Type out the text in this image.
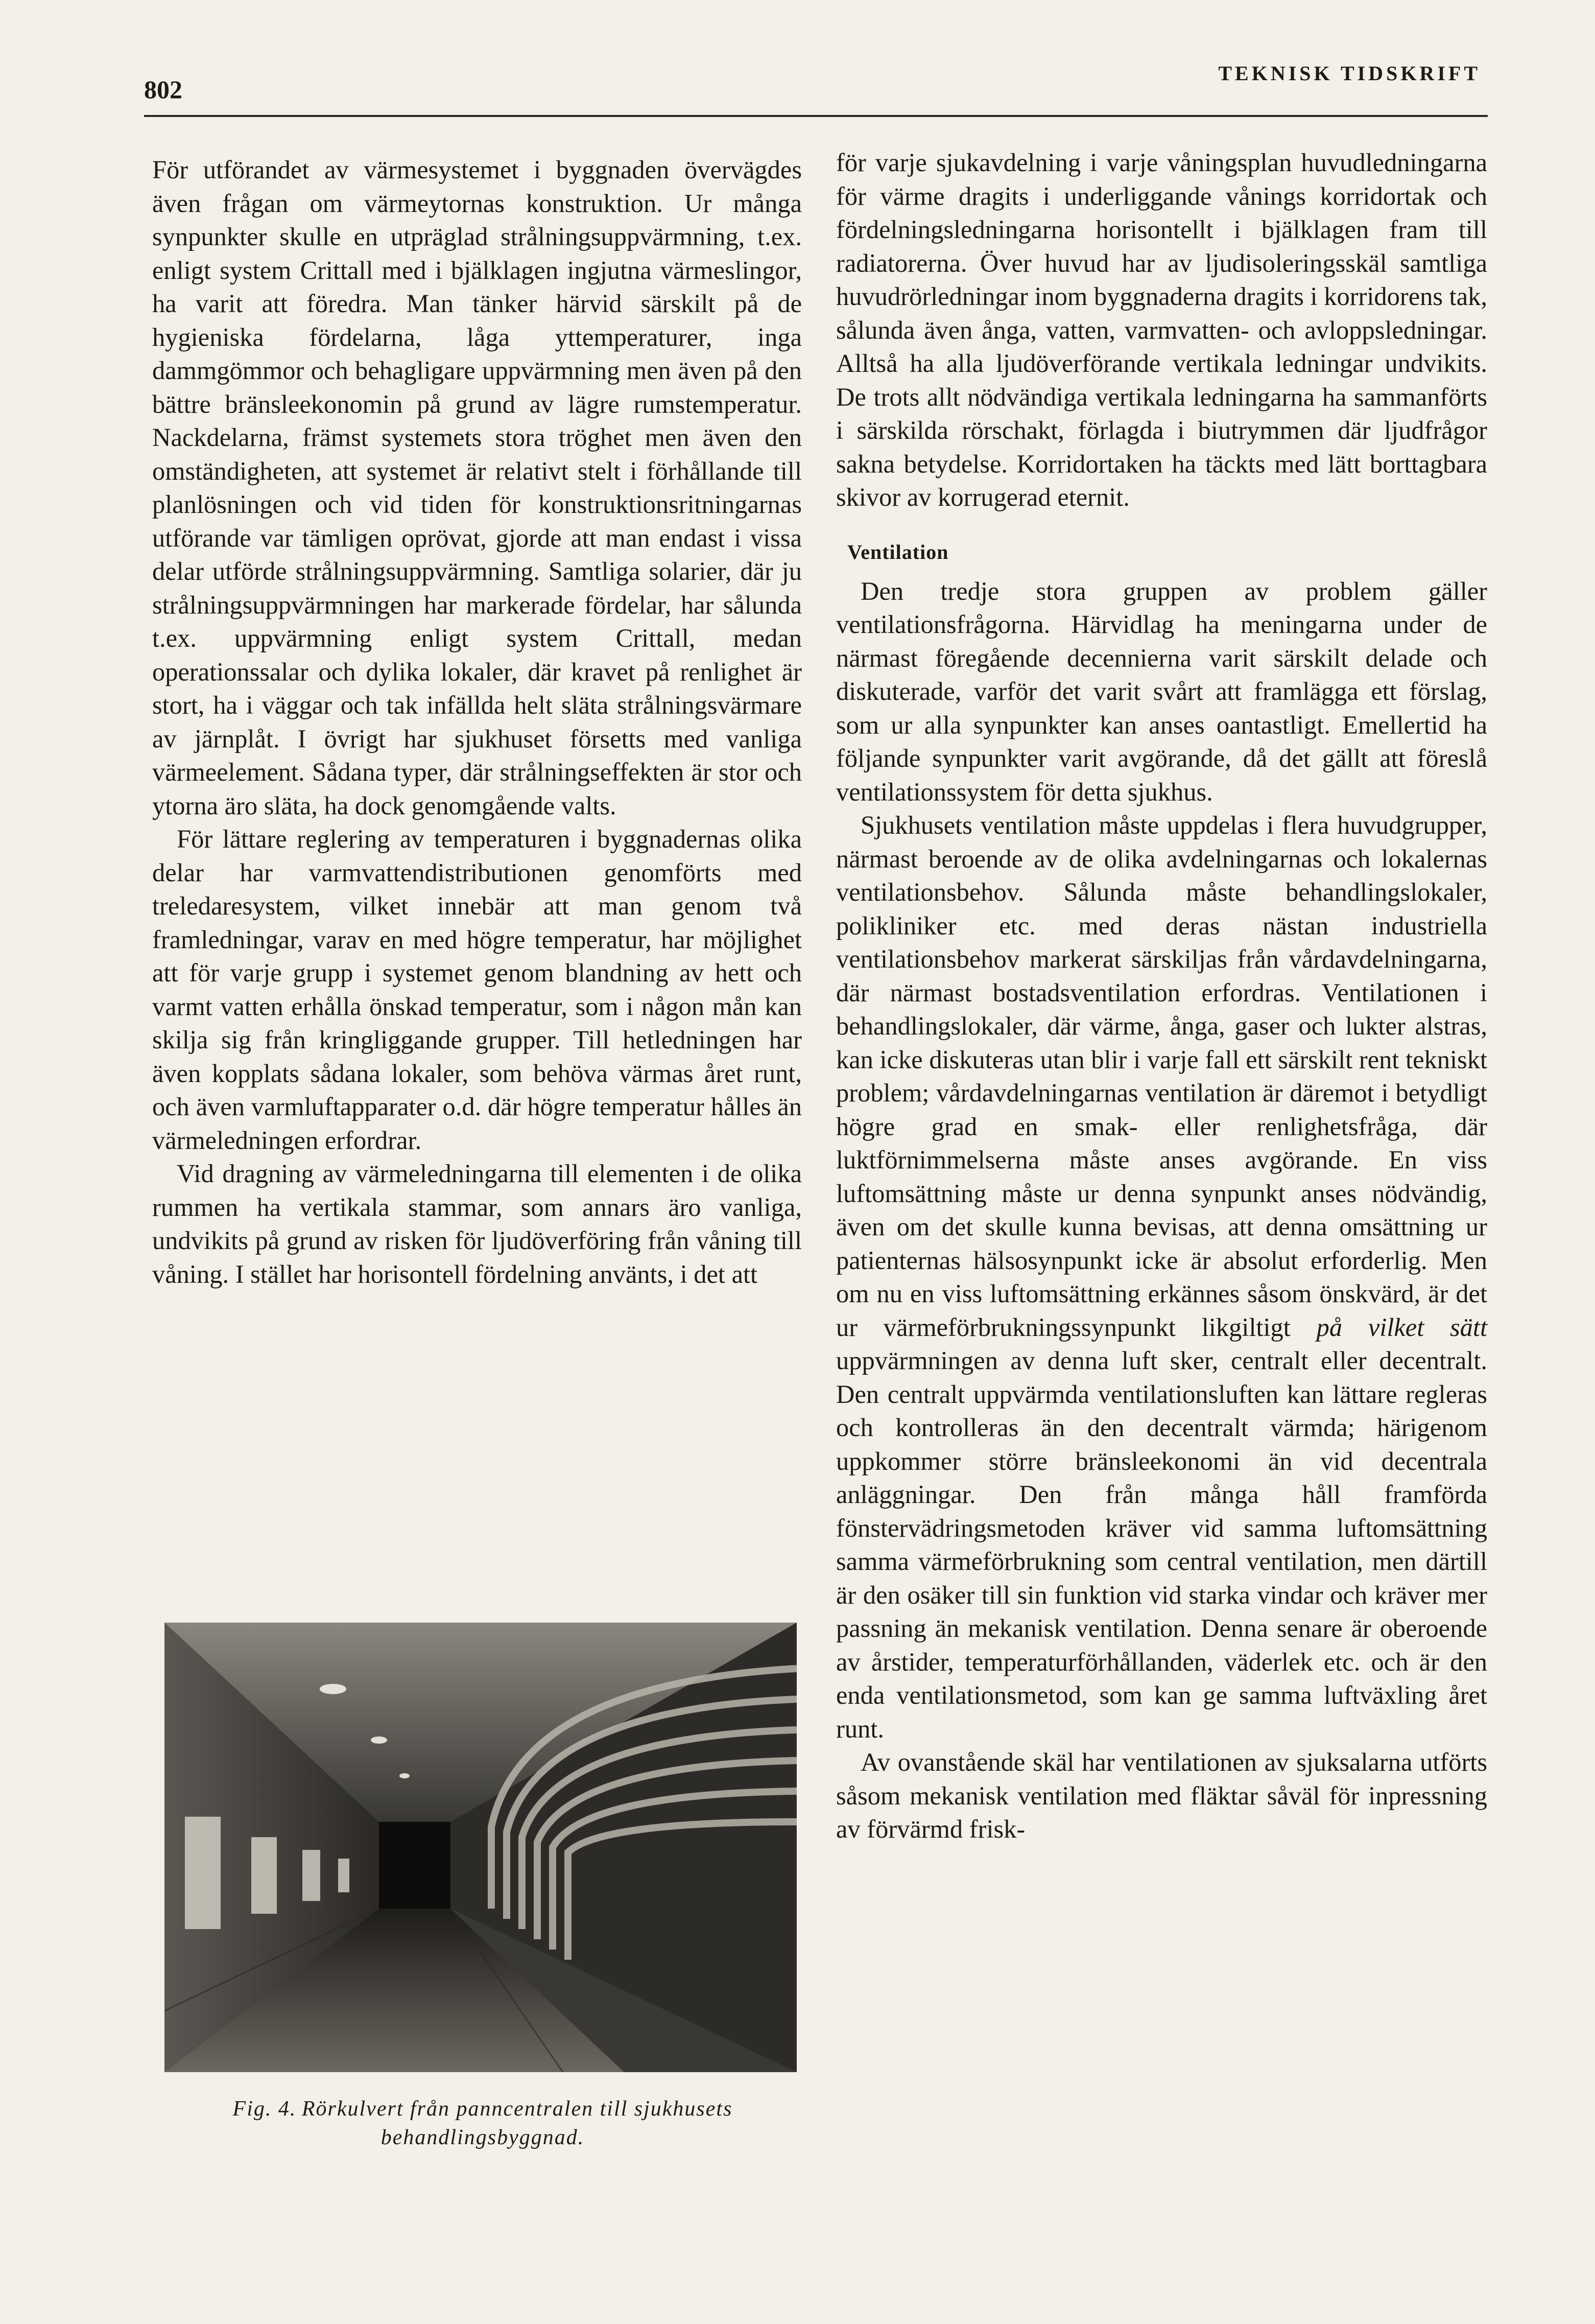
802
TEKNISK TIDSKRIFT

För utförandet av värmesystemet i byggnaden övervägdes även frågan om värmeytornas konstruktion. Ur många synpunkter skulle en utpräglad strålningsuppvärmning, t.ex. enligt system Crittall med i bjälklagen ingjutna värmeslingor, ha varit att föredra. Man tänker härvid särskilt på de hygieniska fördelarna, låga yttemperaturer, inga dammgömmor och behagligare uppvärmning men även på den bättre bränsleekonomin på grund av lägre rumstemperatur. Nackdelarna, främst systemets stora tröghet men även den omständigheten, att systemet är relativt stelt i förhållande till planlösningen och vid tiden för konstruktionsritningarnas utförande var tämligen oprövat, gjorde att man endast i vissa delar utförde strålningsuppvärmning. Samtliga solarier, där ju strålningsuppvärmningen har markerade fördelar, har sålunda t.ex. uppvärmning enligt system Crittall, medan operationssalar och dylika lokaler, där kravet på renlighet är stort, ha i väggar och tak infällda helt släta strålningsvärmare av järnplåt. I övrigt har sjukhuset försetts med vanliga värmeelement. Sådana typer, där strålningseffekten är stor och ytorna äro släta, ha dock genomgående valts.

För lättare reglering av temperaturen i byggnadernas olika delar har varmvattendistributionen genomförts med treledaresystem, vilket innebär att man genom två framledningar, varav en med högre temperatur, har möjlighet att för varje grupp i systemet genom blandning av hett och varmt vatten erhålla önskad temperatur, som i någon mån kan skilja sig från kringliggande grupper. Till hetledningen har även kopplats sådana lokaler, som behöva värmas året runt, och även varmluftapparater o.d. där högre temperatur hålles än värmeledningen erfordrar.

Vid dragning av värmeledningarna till elementen i de olika rummen ha vertikala stammar, som annars äro vanliga, undvikits på grund av risken för ljudöverföring från våning till våning. I stället har horisontell fördelning använts, i det att

Fig. 4. Rörkulvert från panncentralen till sjukhusets behandlingsbyggnad.

för varje sjukavdelning i varje våningsplan huvudledningarna för värme dragits i underliggande vånings korridortak och fördelningsledningarna horisontellt i bjälklagen fram till radiatorerna. Över huvud har av ljudisoleringsskäl samtliga huvudrörledningar inom byggnaderna dragits i korridorens tak, sålunda även ånga, vatten, varmvatten- och avloppsledningar. Alltså ha alla ljudöverförande vertikala ledningar undvikits. De trots allt nödvändiga vertikala ledningarna ha sammanförts i särskilda rörschakt, förlagda i biutrymmen där ljudfrågor sakna betydelse. Korridortaken ha täckts med lätt borttagbara skivor av korrugerad eternit.

Ventilation

Den tredje stora gruppen av problem gäller ventilationsfrågorna. Härvidlag ha meningarna under de närmast föregående decennierna varit särskilt delade och diskuterade, varför det varit svårt att framlägga ett förslag, som ur alla synpunkter kan anses oantastligt. Emellertid ha följande synpunkter varit avgörande, då det gällt att föreslå ventilationssystem för detta sjukhus.

Sjukhusets ventilation måste uppdelas i flera huvudgrupper, närmast beroende av de olika avdelningarnas och lokalernas ventilationsbehov. Sålunda måste behandlingslokaler, polikliniker etc. med deras nästan industriella ventilationsbehov markerat särskiljas från vårdavdelningarna, där närmast bostadsventilation erfordras. Ventilationen i behandlingslokaler, där värme, ånga, gaser och lukter alstras, kan icke diskuteras utan blir i varje fall ett särskilt rent tekniskt problem; vårdavdelningarnas ventilation är däremot i betydligt högre grad en smak- eller renlighetsfråga, där luktförnimmelserna måste anses avgörande. En viss luftomsättning måste ur denna synpunkt anses nödvändig, även om det skulle kunna bevisas, att denna omsättning ur patienternas hälsosynpunkt icke är absolut erforderlig. Men om nu en viss luftomsättning erkännes såsom önskvärd, är det ur värmeförbrukningssynpunkt likgiltigt på vilket sätt uppvärmningen av denna luft sker, centralt eller decentralt. Den centralt uppvärmda ventilationsluften kan lättare regleras och kontrolleras än den decentralt värmda; härigenom uppkommer större bränsleekonomi än vid decentrala anläggningar. Den från många håll framförda fönstervädringsmetoden kräver vid samma luftomsättning samma värmeförbrukning som central ventilation, men därtill är den osäker till sin funktion vid starka vindar och kräver mer passning än mekanisk ventilation. Denna senare är oberoende av årstider, temperaturförhållanden, väderlek etc. och är den enda ventilationsmetod, som kan ge samma luftväxling året runt.

Av ovanstående skäl har ventilationen av sjuksalarna utförts såsom mekanisk ventilation med fläktar såväl för inpressning av förvärmd frisk-
